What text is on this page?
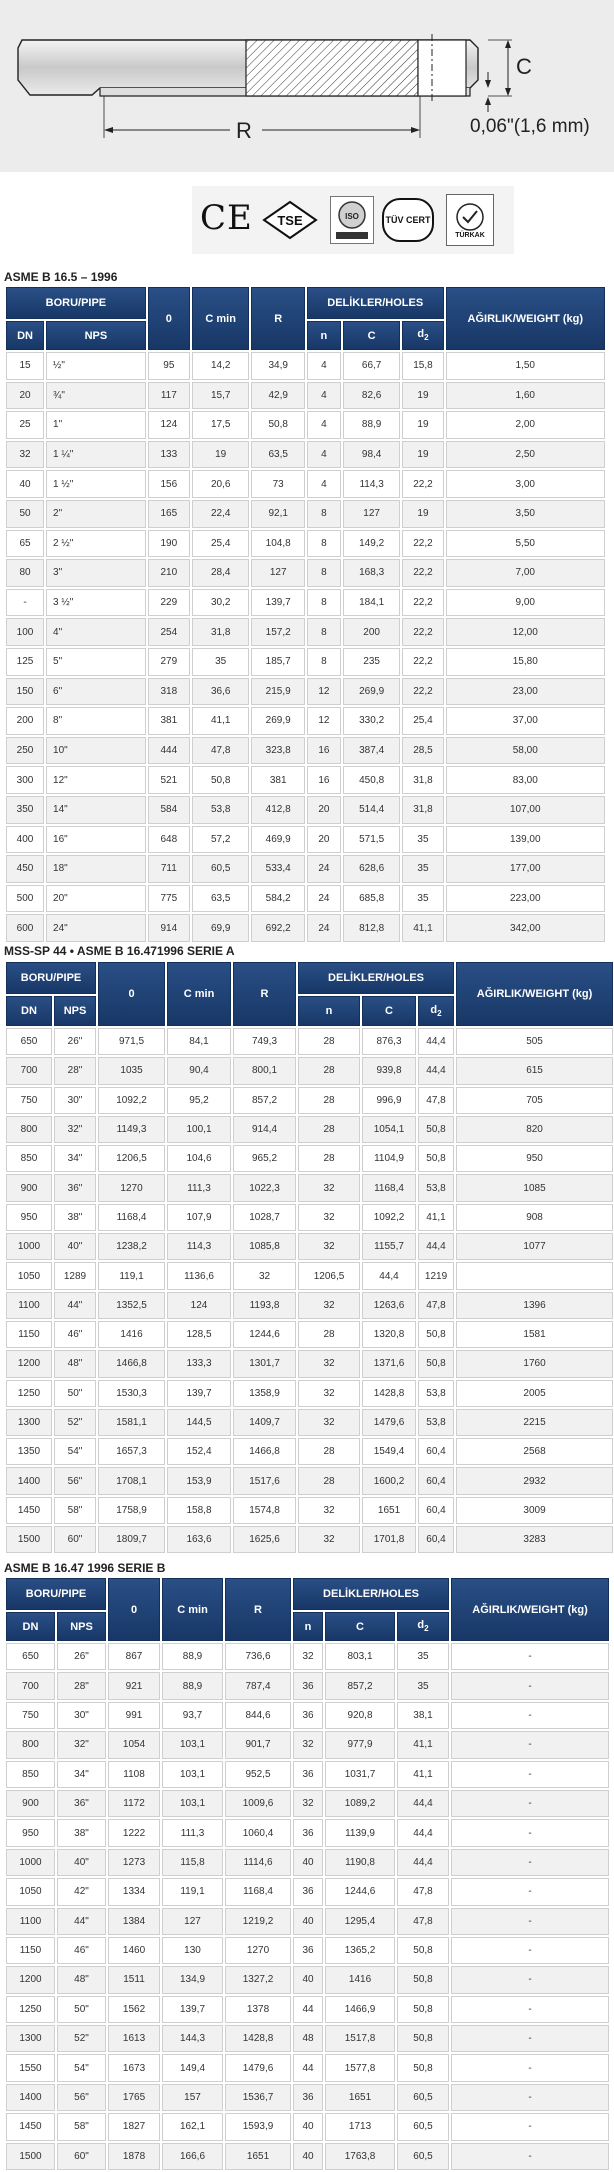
C
R	0,06"(1,6 mm)
CE TSE	ISO	TÜV CERT
TÜRKAK
ASME B 16.5 – 1996
BORU/PIPE		0	C min	R	DELİKLER/HOLES			AĞIRLIK/WEIGHT (kg)
DN	NPS				n	C	$d_2$
15	½"	95	14,2	34,9	4	66,7	15,8	1,50
20	¾"	117	15,7	42,9	4	82,6	19	1,60
25	1"	124	17,5	50,8	4	88,9	19	2,00
32	1 ¼"	133	19	63,5	4	98,4	19	2,50
40	1 ½"	156	20,6	73	4	114,3	22,2	3,00
50	2"	165	22,4	92,1	8	127	19	3,50
65	2 ½"	190	25,4	104,8	8	149,2	22,2	5,50
80	3"	210	28,4	127	8	168,3	22,2	7,00
-	3 ½"	229	30,2	139,7	8	184,1	22,2	9,00
100	4"	254	31,8	157,2	8	200	22,2	12,00
125	5"	279	35	185,7	8	235	22,2	15,80
150	6"	318	36,6	215,9	12	269,9	22,2	23,00
200	8"	381	41,1	269,9	12	330,2	25,4	37,00
250	10"	444	47,8	323,8	16	387,4	28,5	58,00
300	12"	521	50,8	381	16	450,8	31,8	83,00
350	14"	584	53,8	412,8	20	514,4	31,8	107,00
400	16"	648	57,2	469,9	20	571,5	35	139,00
450	18"	711	60,5	533,4	24	628,6	35	177,00
500	20"	775	63,5	584,2	24	685,8	35	223,00
600	24"	914	69,9	692,2	24	812,8	41,1	342,00
MSS-SP 44 • ASME B 16.471996 SERIE A
BORU/PIPE		0	C min	R	DELİKLER/HOLES			AĞIRLIK/WEIGHT (kg)
DN	NPS				n	C	$d_2$
650	26"	971,5	84,1	749,3	28	876,3	44,4	505
700	28"	1035	90,4	800,1	28	939,8	44,4	615
750	30"	1092,2	95,2	857,2	28	996,9	47,8	705
800	32"	1149,3	100,1	914,4	28	1054,1	50,8	820
850	34"	1206,5	104,6	965,2	28	1104,9	50,8	950
900	36"	1270	111,3	1022,3	32	1168,4	53,8	1085
950	38"	1168,4	107,9	1028,7	32	1092,2	41,1	908
1000	40"	1238,2	114,3	1085,8	32	1155,7	44,4	1077
1050	1289	119,1	1136,6	32	1206,5	44,4	1219	
1100	44"	1352,5	124	1193,8	32	1263,6	47,8	1396
1150	46"	1416	128,5	1244,6	28	1320,8	50,8	1581
1200	48"	1466,8	133,3	1301,7	32	1371,6	50,8	1760
1250	50"	1530,3	139,7	1358,9	32	1428,8	53,8	2005
1300	52"	1581,1	144,5	1409,7	32	1479,6	53,8	2215
1350	54"	1657,3	152,4	1466,8	28	1549,4	60,4	2568
1400	56"	1708,1	153,9	1517,6	28	1600,2	60,4	2932
1450	58"	1758,9	158,8	1574,8	32	1651	60,4	3009
1500	60"	1809,7	163,6	1625,6	32	1701,8	60,4	3283
ASME B 16.47 1996 SERIE B
BORU/PIPE		0	C min	R	DELİKLER/HOLES			AĞIRLIK/WEIGHT (kg)
DN	NPS				n	C	$d_2$
650	26"	867	88,9	736,6	32	803,1	35	-
700	28"	921	88,9	787,4	36	857,2	35	-
750	30"	991	93,7	844,6	36	920,8	38,1	-
800	32"	1054	103,1	901,7	32	977,9	41,1	-
850	34"	1108	103,1	952,5	36	1031,7	41,1	-
900	36"	1172	103,1	1009,6	32	1089,2	44,4	-
950	38"	1222	111,3	1060,4	36	1139,9	44,4	-
1000	40"	1273	115,8	1114,6	40	1190,8	44,4	-
1050	42"	1334	119,1	1168,4	36	1244,6	47,8	-
1100	44"	1384	127	1219,2	40	1295,4	47,8	-
1150	46"	1460	130	1270	36	1365,2	50,8	-
1200	48"	1511	134,9	1327,2	40	1416	50,8	-
1250	50"	1562	139,7	1378	44	1466,9	50,8	-
1300	52"	1613	144,3	1428,8	48	1517,8	50,8	-
1550	54"	1673	149,4	1479,6	44	1577,8	50,8	-
1400	56"	1765	157	1536,7	36	1651	60,5	-
1450	58"	1827	162,1	1593,9	40	1713	60,5	-
1500	60"	1878	166,6	1651	40	1763,8	60,5	-
